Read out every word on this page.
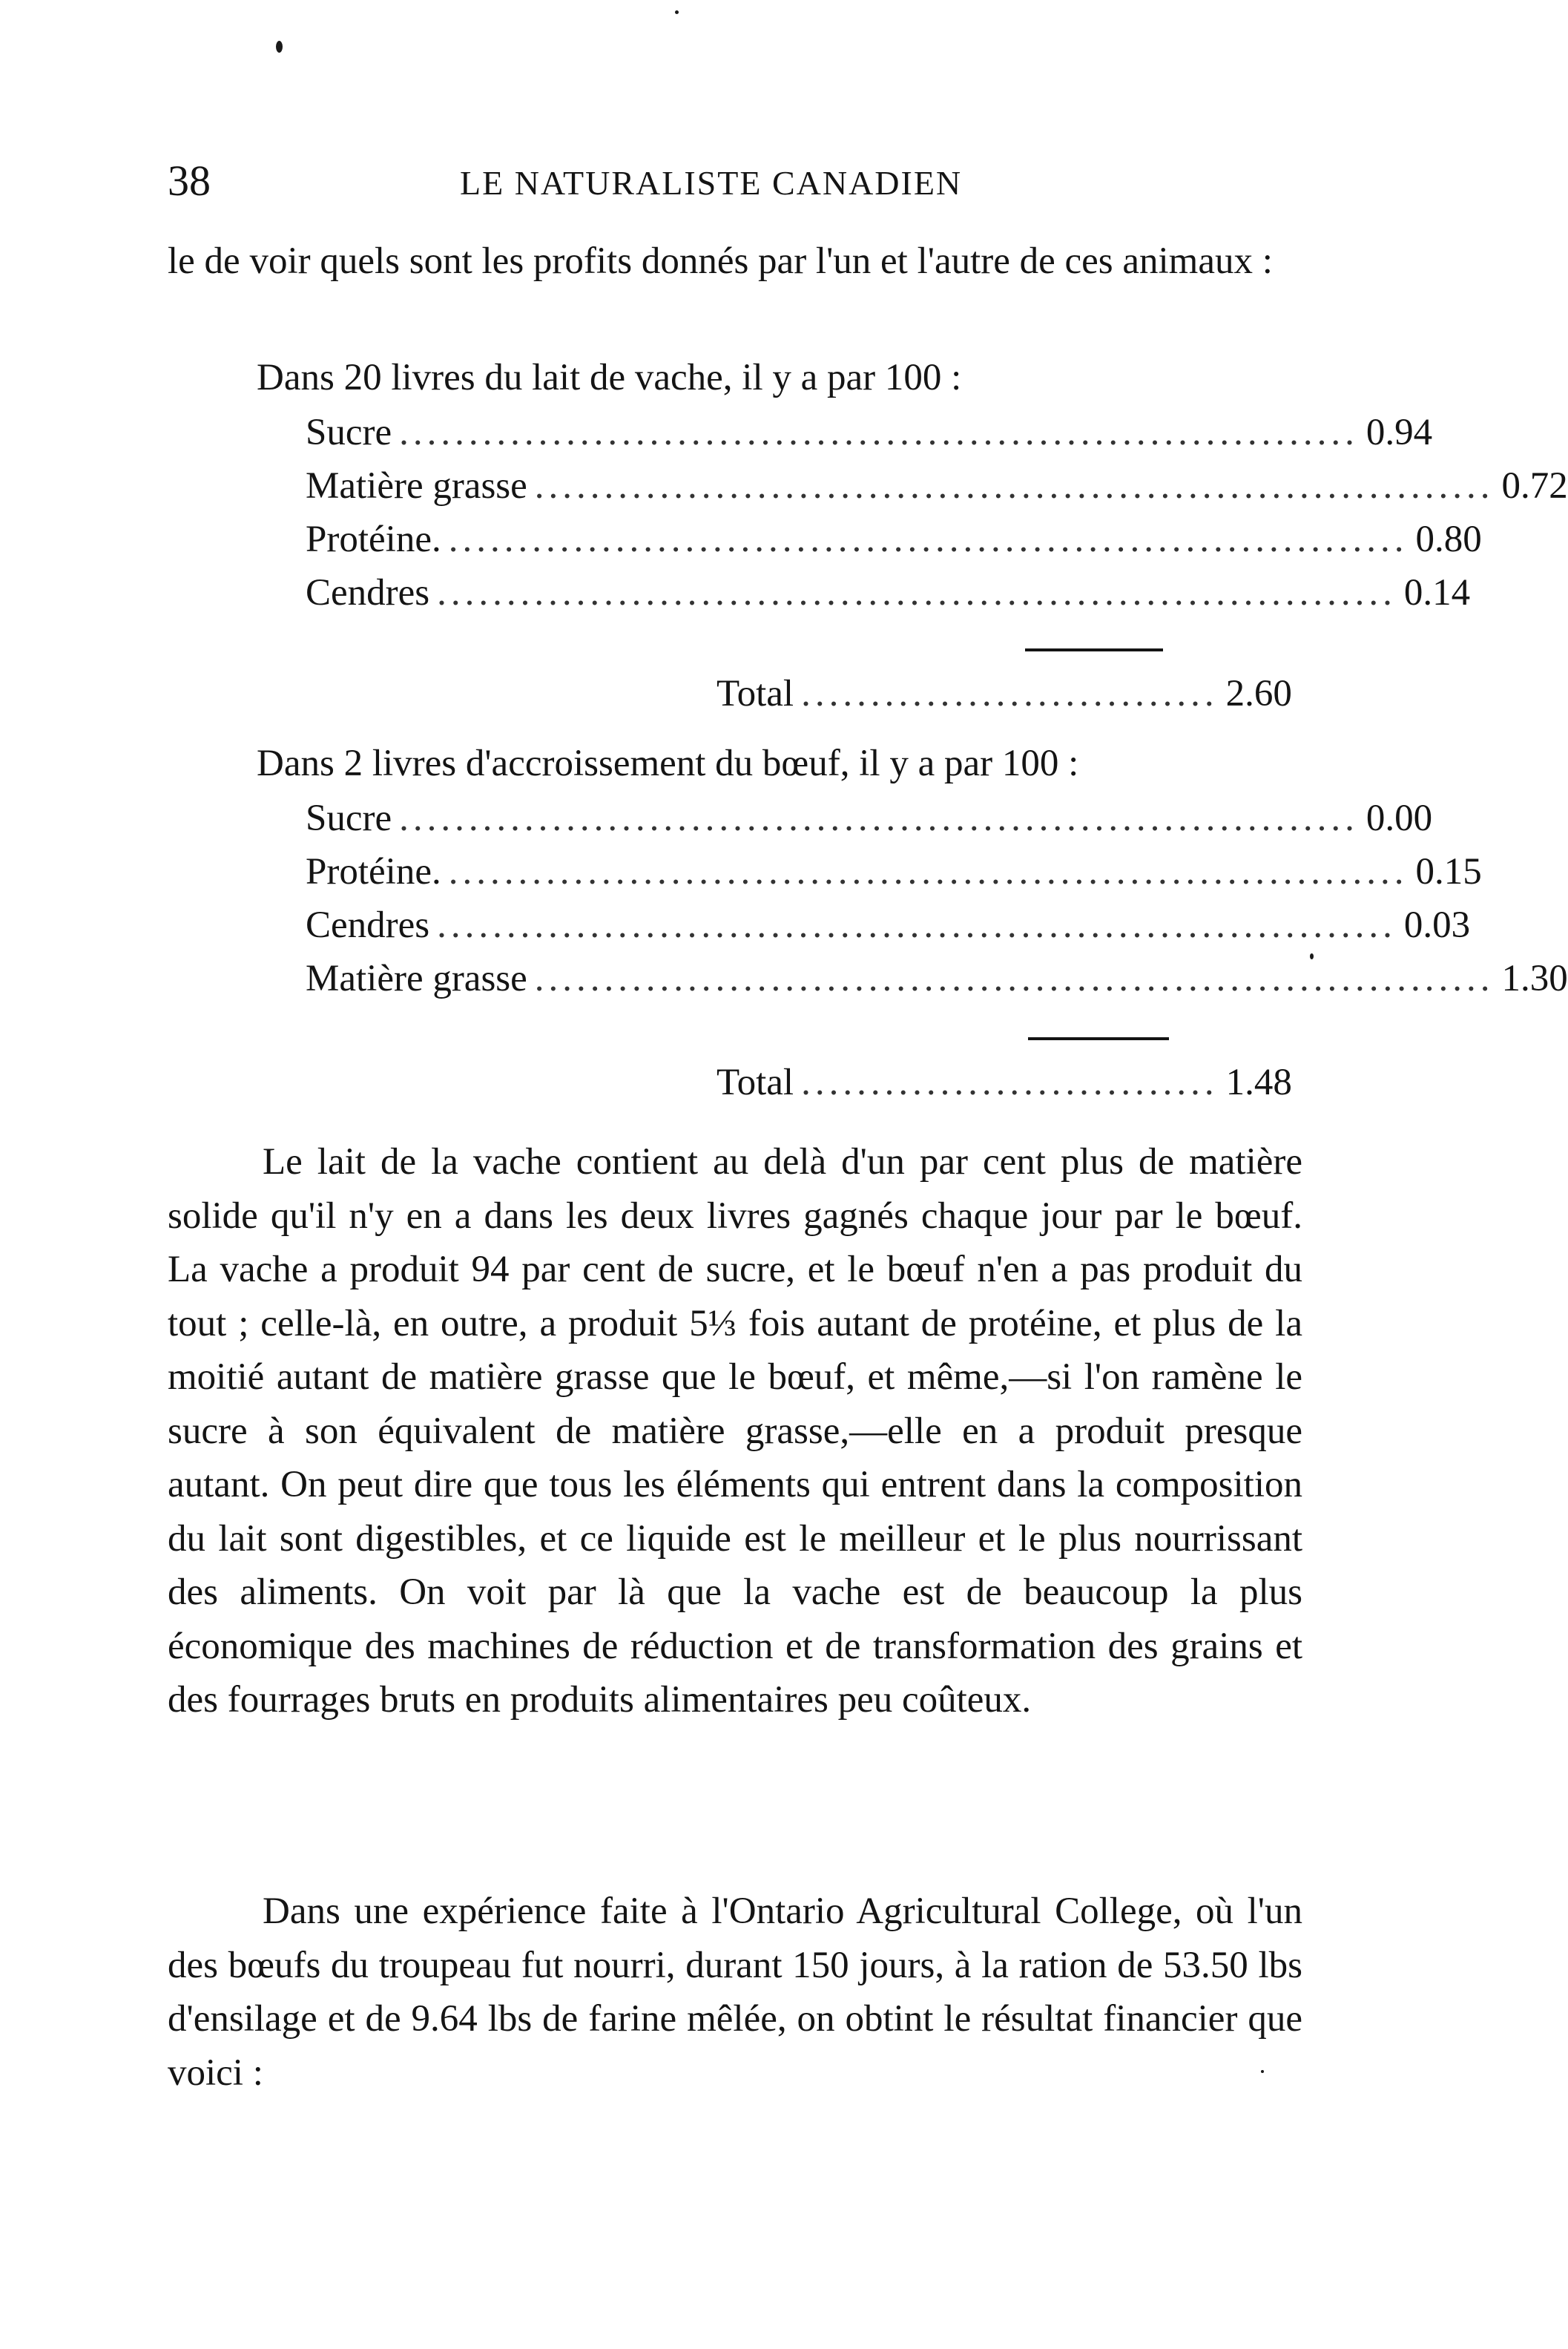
38	LE NATURALISTE CANADIEN

le de voir quels sont les profits donnés par l'un et l'autre de ces animaux :

Dans 20 livres du lait de vache, il y a par 100 :
Sucre ..................................................................... 0.94
Matière grasse ..................................................................... 0.72
Protéine. ..................................................................... 0.80
Cendres ..................................................................... 0.14
Total .............................. 2.60
Dans 2 livres d'accroissement du bœuf, il y a par 100 :
Sucre ..................................................................... 0.00
Protéine. ..................................................................... 0.15
Cendres ..................................................................... 0.03
Matière grasse ..................................................................... 1.30
Total .............................. 1.48

Le lait de la vache contient au delà d'un par cent plus de matière solide qu'il n'y en a dans les deux livres gagnés chaque jour par le bœuf. La vache a produit 94 par cent de sucre, et le bœuf n'en a pas produit du tout ; celle-là, en outre, a produit 5⅓ fois autant de protéine, et plus de la moitié autant de matière grasse que le bœuf, et même,—si l'on ramène le sucre à son équivalent de matière grasse,—elle en a produit presque autant. On peut dire que tous les éléments qui entrent dans la composition du lait sont digestibles, et ce liquide est le meilleur et le plus nourrissant des aliments. On voit par là que la vache est de beaucoup la plus économique des machines de réduction et de transformation des grains et des fourrages bruts en produits alimentaires peu coûteux.

Dans une expérience faite à l'Ontario Agricultural College, où l'un des bœufs du troupeau fut nourri, durant 150 jours, à la ration de 53.50 lbs d'ensilage et de 9.64 lbs de farine mêlée, on obtint le résultat financier que voici :
